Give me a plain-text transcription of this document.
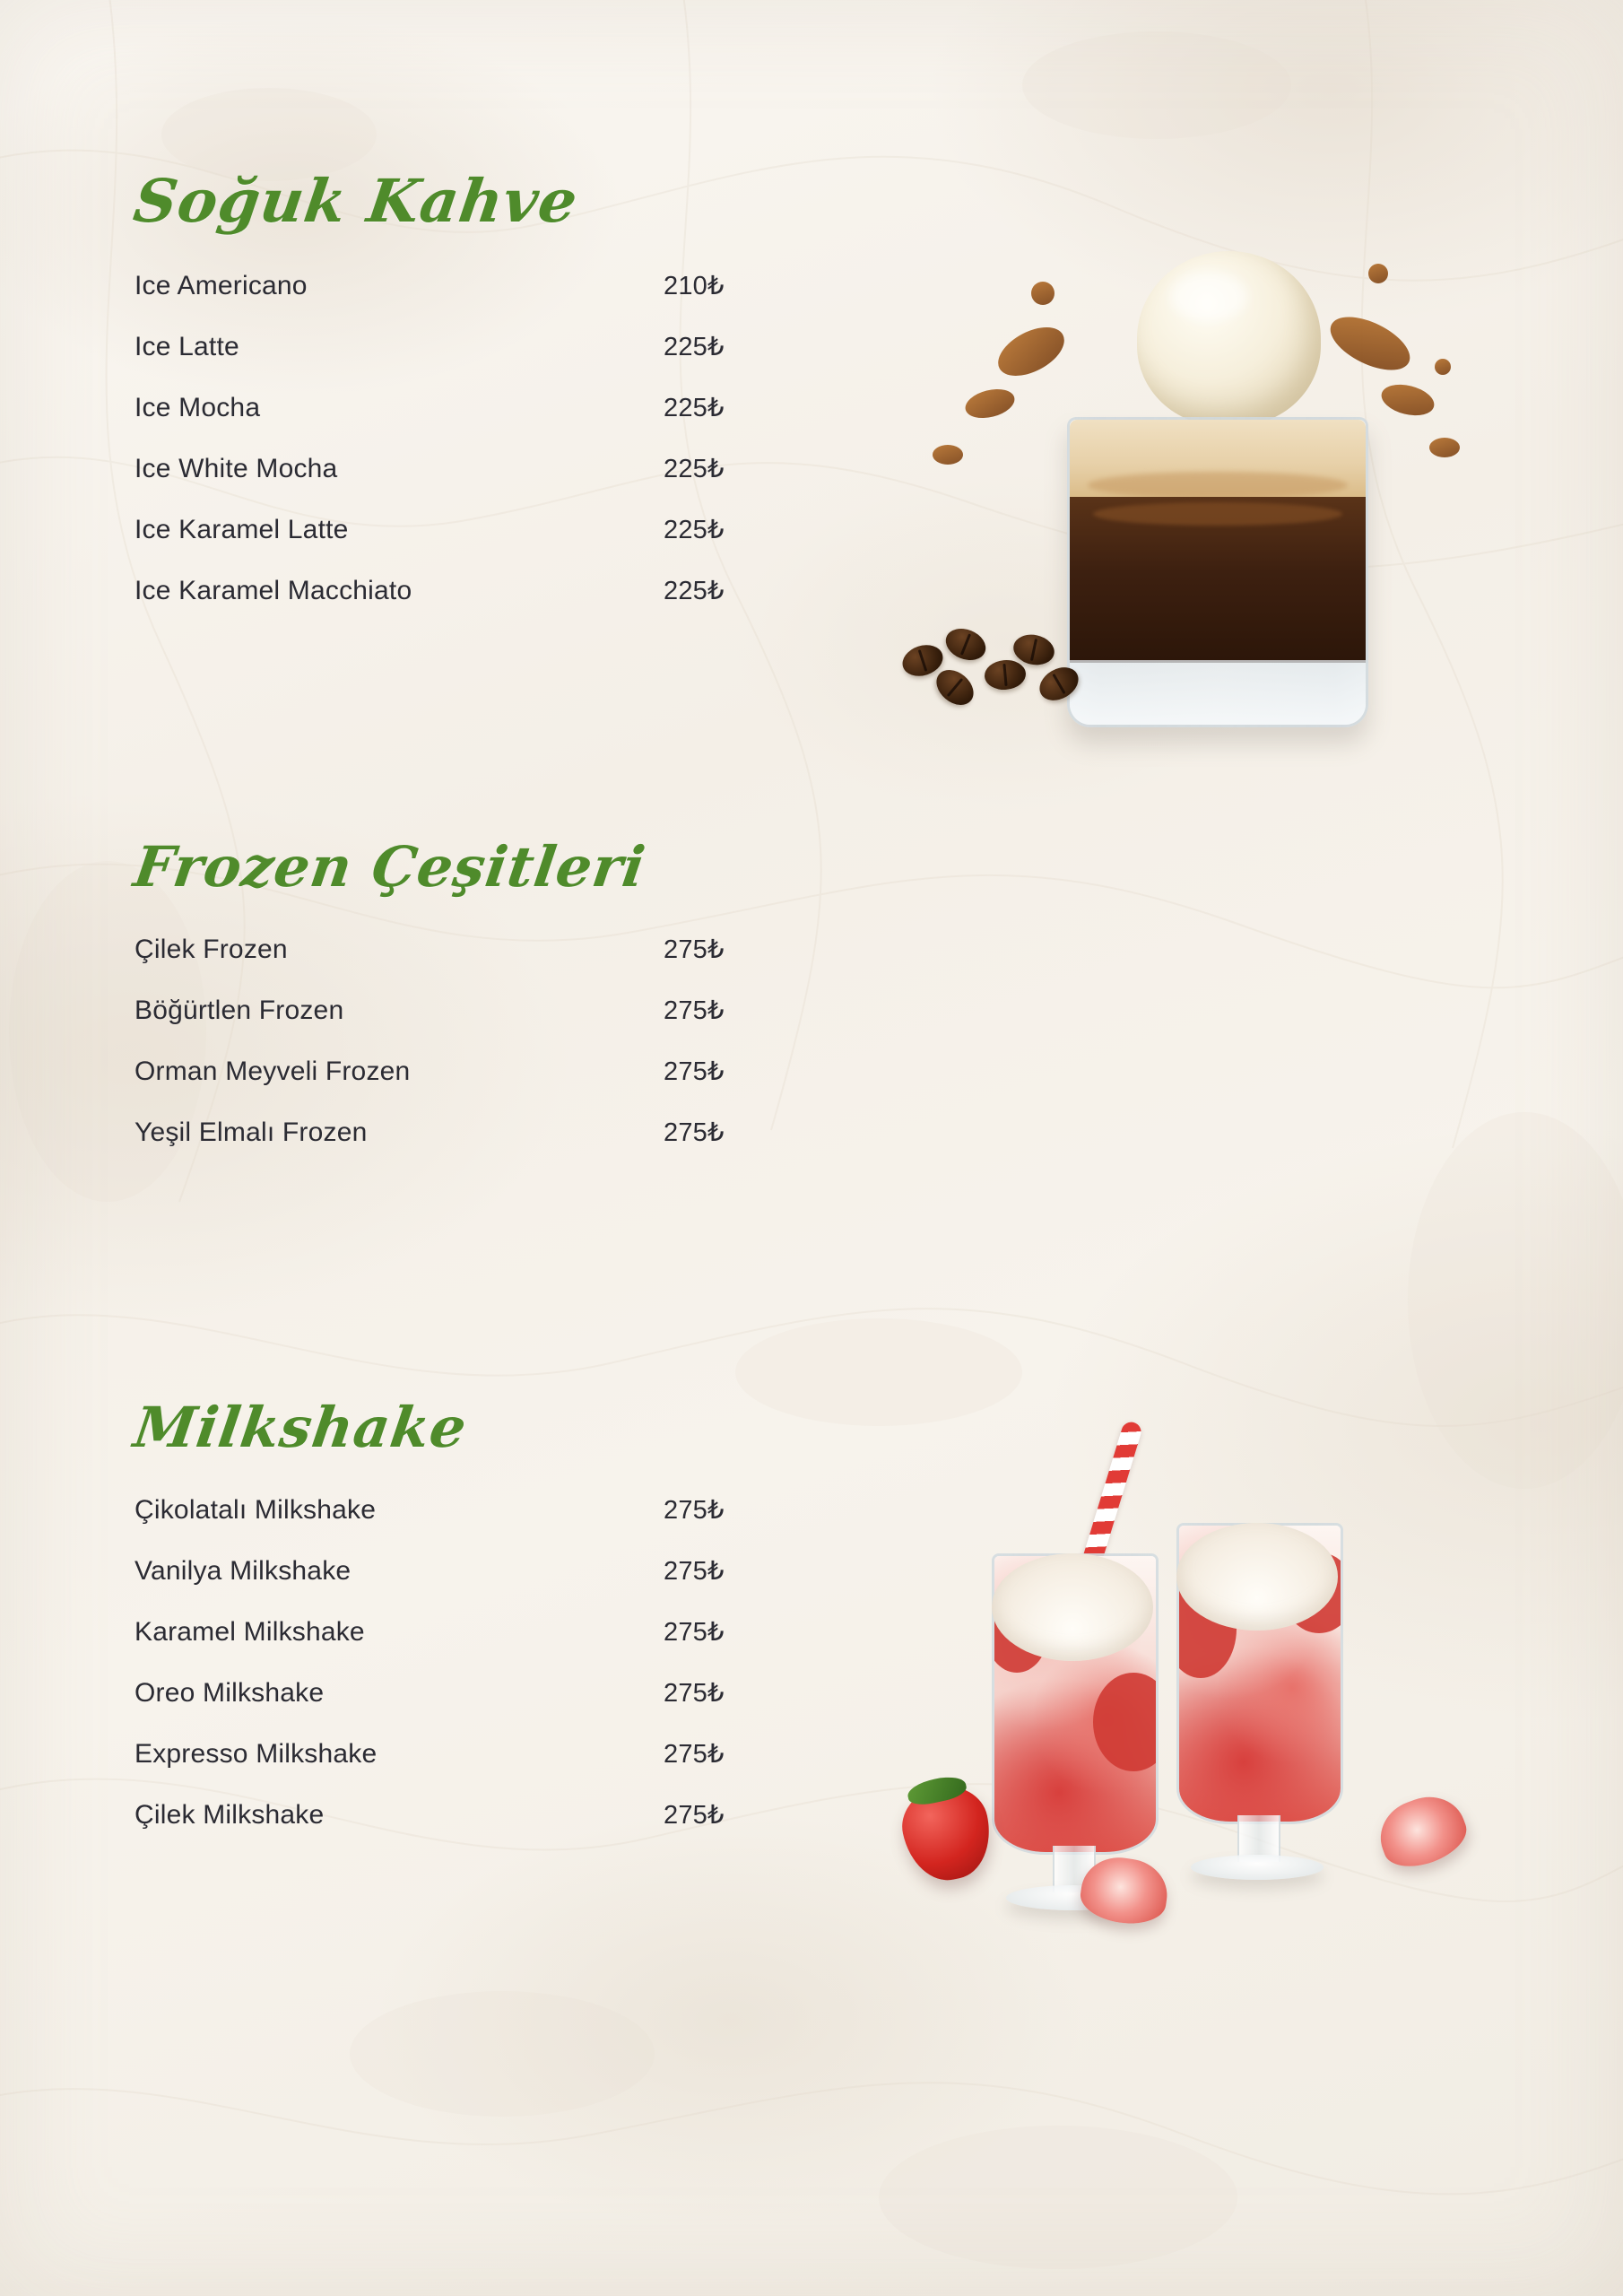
Soğuk Kahve
Ice Americano	210₺
Ice Latte	225₺
Ice Mocha	225₺
Ice White Mocha	225₺
Ice Karamel Latte	225₺
Ice Karamel Macchiato	225₺
Frozen Çeşitleri
Çilek Frozen	275₺
Böğürtlen Frozen	275₺
Orman Meyveli Frozen	275₺
Yeşil Elmalı Frozen	275₺
Milkshake
Çikolatalı Milkshake	275₺
Vanilya Milkshake	275₺
Karamel Milkshake	275₺
Oreo Milkshake	275₺
Expresso Milkshake	275₺
Çilek Milkshake	275₺
